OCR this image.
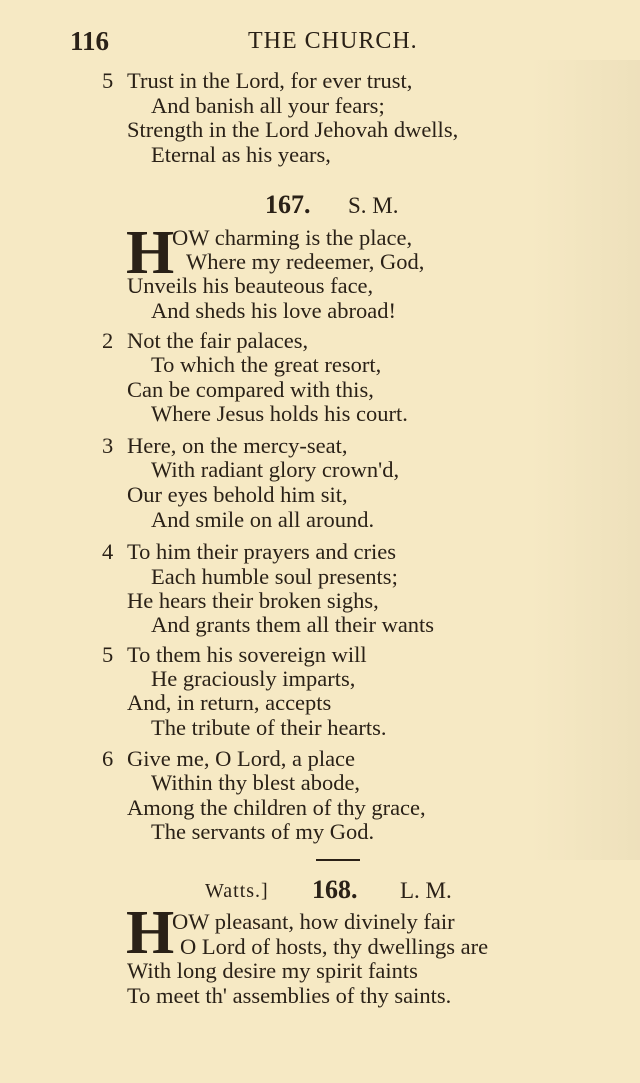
116	THE CHURCH.
5 Trust in the Lord, for ever trust,
And banish all your fears;
Strength in the Lord Jehovah dwells,
Eternal as his years,
167. S. M.
H
OW charming is the place,
Where my redeemer, God,
Unveils his beauteous face,
And sheds his love abroad!
2 Not the fair palaces,
To which the great resort,
Can be compared with this,
Where Jesus holds his court.
3 Here, on the mercy-seat,
With radiant glory crown'd,
Our eyes behold him sit,
And smile on all around.
4 To him their prayers and cries
Each humble soul presents;
He hears their broken sighs,
And grants them all their wants
5 To them his sovereign will
He graciously imparts,
And, in return, accepts
The tribute of their hearts.
6 Give me, O Lord, a place
Within thy blest abode,
Among the children of thy grace,
The servants of my God.
Watts.] 168. L. M.
H
OW pleasant, how divinely fair
O Lord of hosts, thy dwellings are
With long desire my spirit faints
To meet th' assemblies of thy saints.
